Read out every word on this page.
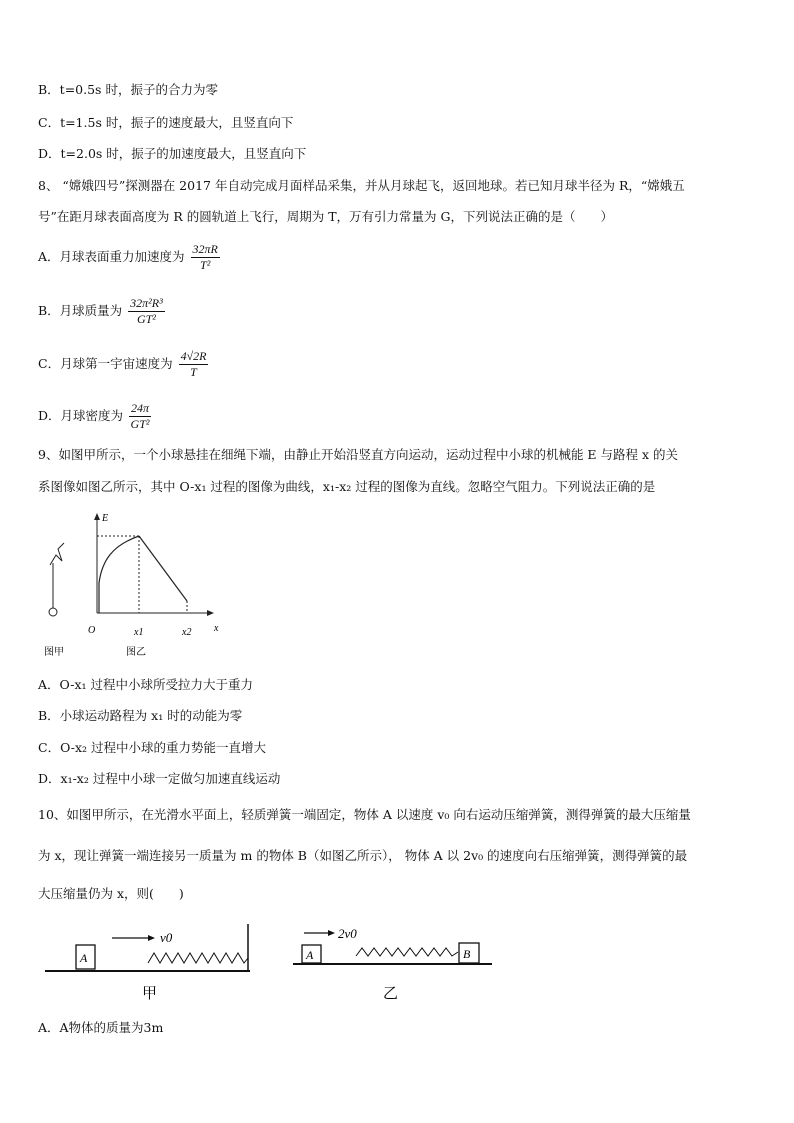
B．t=0.5s 时，振子的合力为零
C．t=1.5s 时，振子的速度最大，且竖直向下
D．t=2.0s 时，振子的加速度最大，且竖直向下
8、 “嫦娥四号”探测器在 2017 年自动完成月面样品采集，并从月球起飞，返回地球。若已知月球半径为 R，“嫦娥五
号”在距月球表面高度为 R 的圆轨道上飞行，周期为 T，万有引力常量为 G，下列说法正确的是（　　）
A．月球表面重力加速度为 $\frac{32\pi R}{\text{T²}}$
B．月球质量为 $\frac{\text{32π²R³}}{\text{GT²}}$
C．月球第一宇宙速度为 $\frac{4√2R}{T}$
D．月球密度为 $\frac{24\pi}{\text{GT²}}$
9、如图甲所示，一个小球悬挂在细绳下端，由静止开始沿竖直方向运动，运动过程中小球的机械能 E 与路程 x 的关
系图像如图乙所示，其中 O-x₁ 过程的图像为曲线，x₁-x₂ 过程的图像为直线。忽略空气阻力。下列说法正确的是
E
x
O	x1	x2
图甲	图乙
A．O-x₁ 过程中小球所受拉力大于重力
B．小球运动路程为 x₁ 时的动能为零
C．O-x₂ 过程中小球的重力势能一直增大
D．x₁-x₂ 过程中小球一定做匀加速直线运动
10、如图甲所示，在光滑水平面上，轻质弹簧一端固定，物体 A 以速度 v₀ 向右运动压缩弹簧，测得弹簧的最大压缩量
为 x，现让弹簧一端连接另一质量为 m 的物体 B（如图乙所示）， 物体 A 以 2v₀ 的速度向右压缩弹簧，测得弹簧的最
大压缩量仍为 x，则(　　)
A
v0
甲
A
2v0
B
乙
A．A物体的质量为3m
